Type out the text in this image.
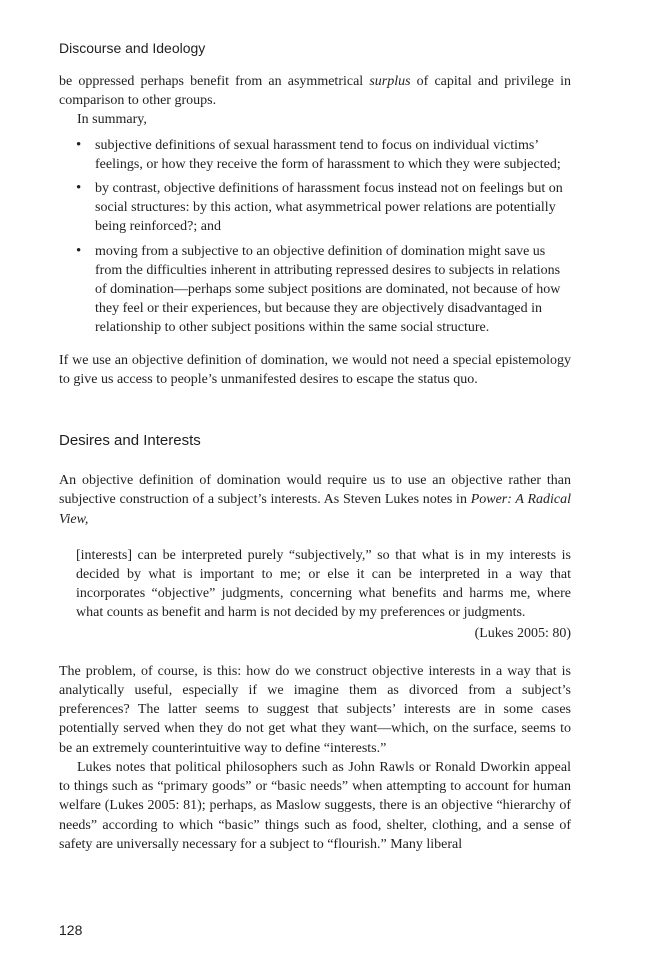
Discourse and Ideology

be oppressed perhaps benefit from an asymmetrical surplus of capital and privilege in comparison to other groups.

In summary,

• subjective definitions of sexual harassment tend to focus on individual victims’ feelings, or how they receive the form of harassment to which they were subjected;
• by contrast, objective definitions of harassment focus instead not on feelings but on social structures: by this action, what asymmetrical power relations are potentially being reinforced?; and
• moving from a subjective to an objective definition of domination might save us from the difficulties inherent in attributing repressed desires to subjects in relations of domination—perhaps some subject positions are dominated, not because of how they feel or their experiences, but because they are objectively disadvantaged in relationship to other subject positions within the same social structure.

If we use an objective definition of domination, we would not need a special epistemology to give us access to people’s unmanifested desires to escape the status quo.

Desires and Interests

An objective definition of domination would require us to use an objective rather than subjective construction of a subject’s interests. As Steven Lukes notes in Power: A Radical View,

[interests] can be interpreted purely “subjectively,” so that what is in my interests is decided by what is important to me; or else it can be interpreted in a way that incorporates “objective” judgments, concerning what benefits and harms me, where what counts as benefit and harm is not decided by my preferences or judgments.

(Lukes 2005: 80)

The problem, of course, is this: how do we construct objective interests in a way that is analytically useful, especially if we imagine them as divorced from a subject’s preferences? The latter seems to suggest that subjects’ interests are in some cases potentially served when they do not get what they want—which, on the surface, seems to be an extremely counterintuitive way to define “interests.”

Lukes notes that political philosophers such as John Rawls or Ronald Dworkin appeal to things such as “primary goods” or “basic needs” when attempting to account for human welfare (Lukes 2005: 81); perhaps, as Maslow suggests, there is an objective “hierarchy of needs” according to which “basic” things such as food, shelter, clothing, and a sense of safety are universally necessary for a subject to “flourish.” Many liberal

128
